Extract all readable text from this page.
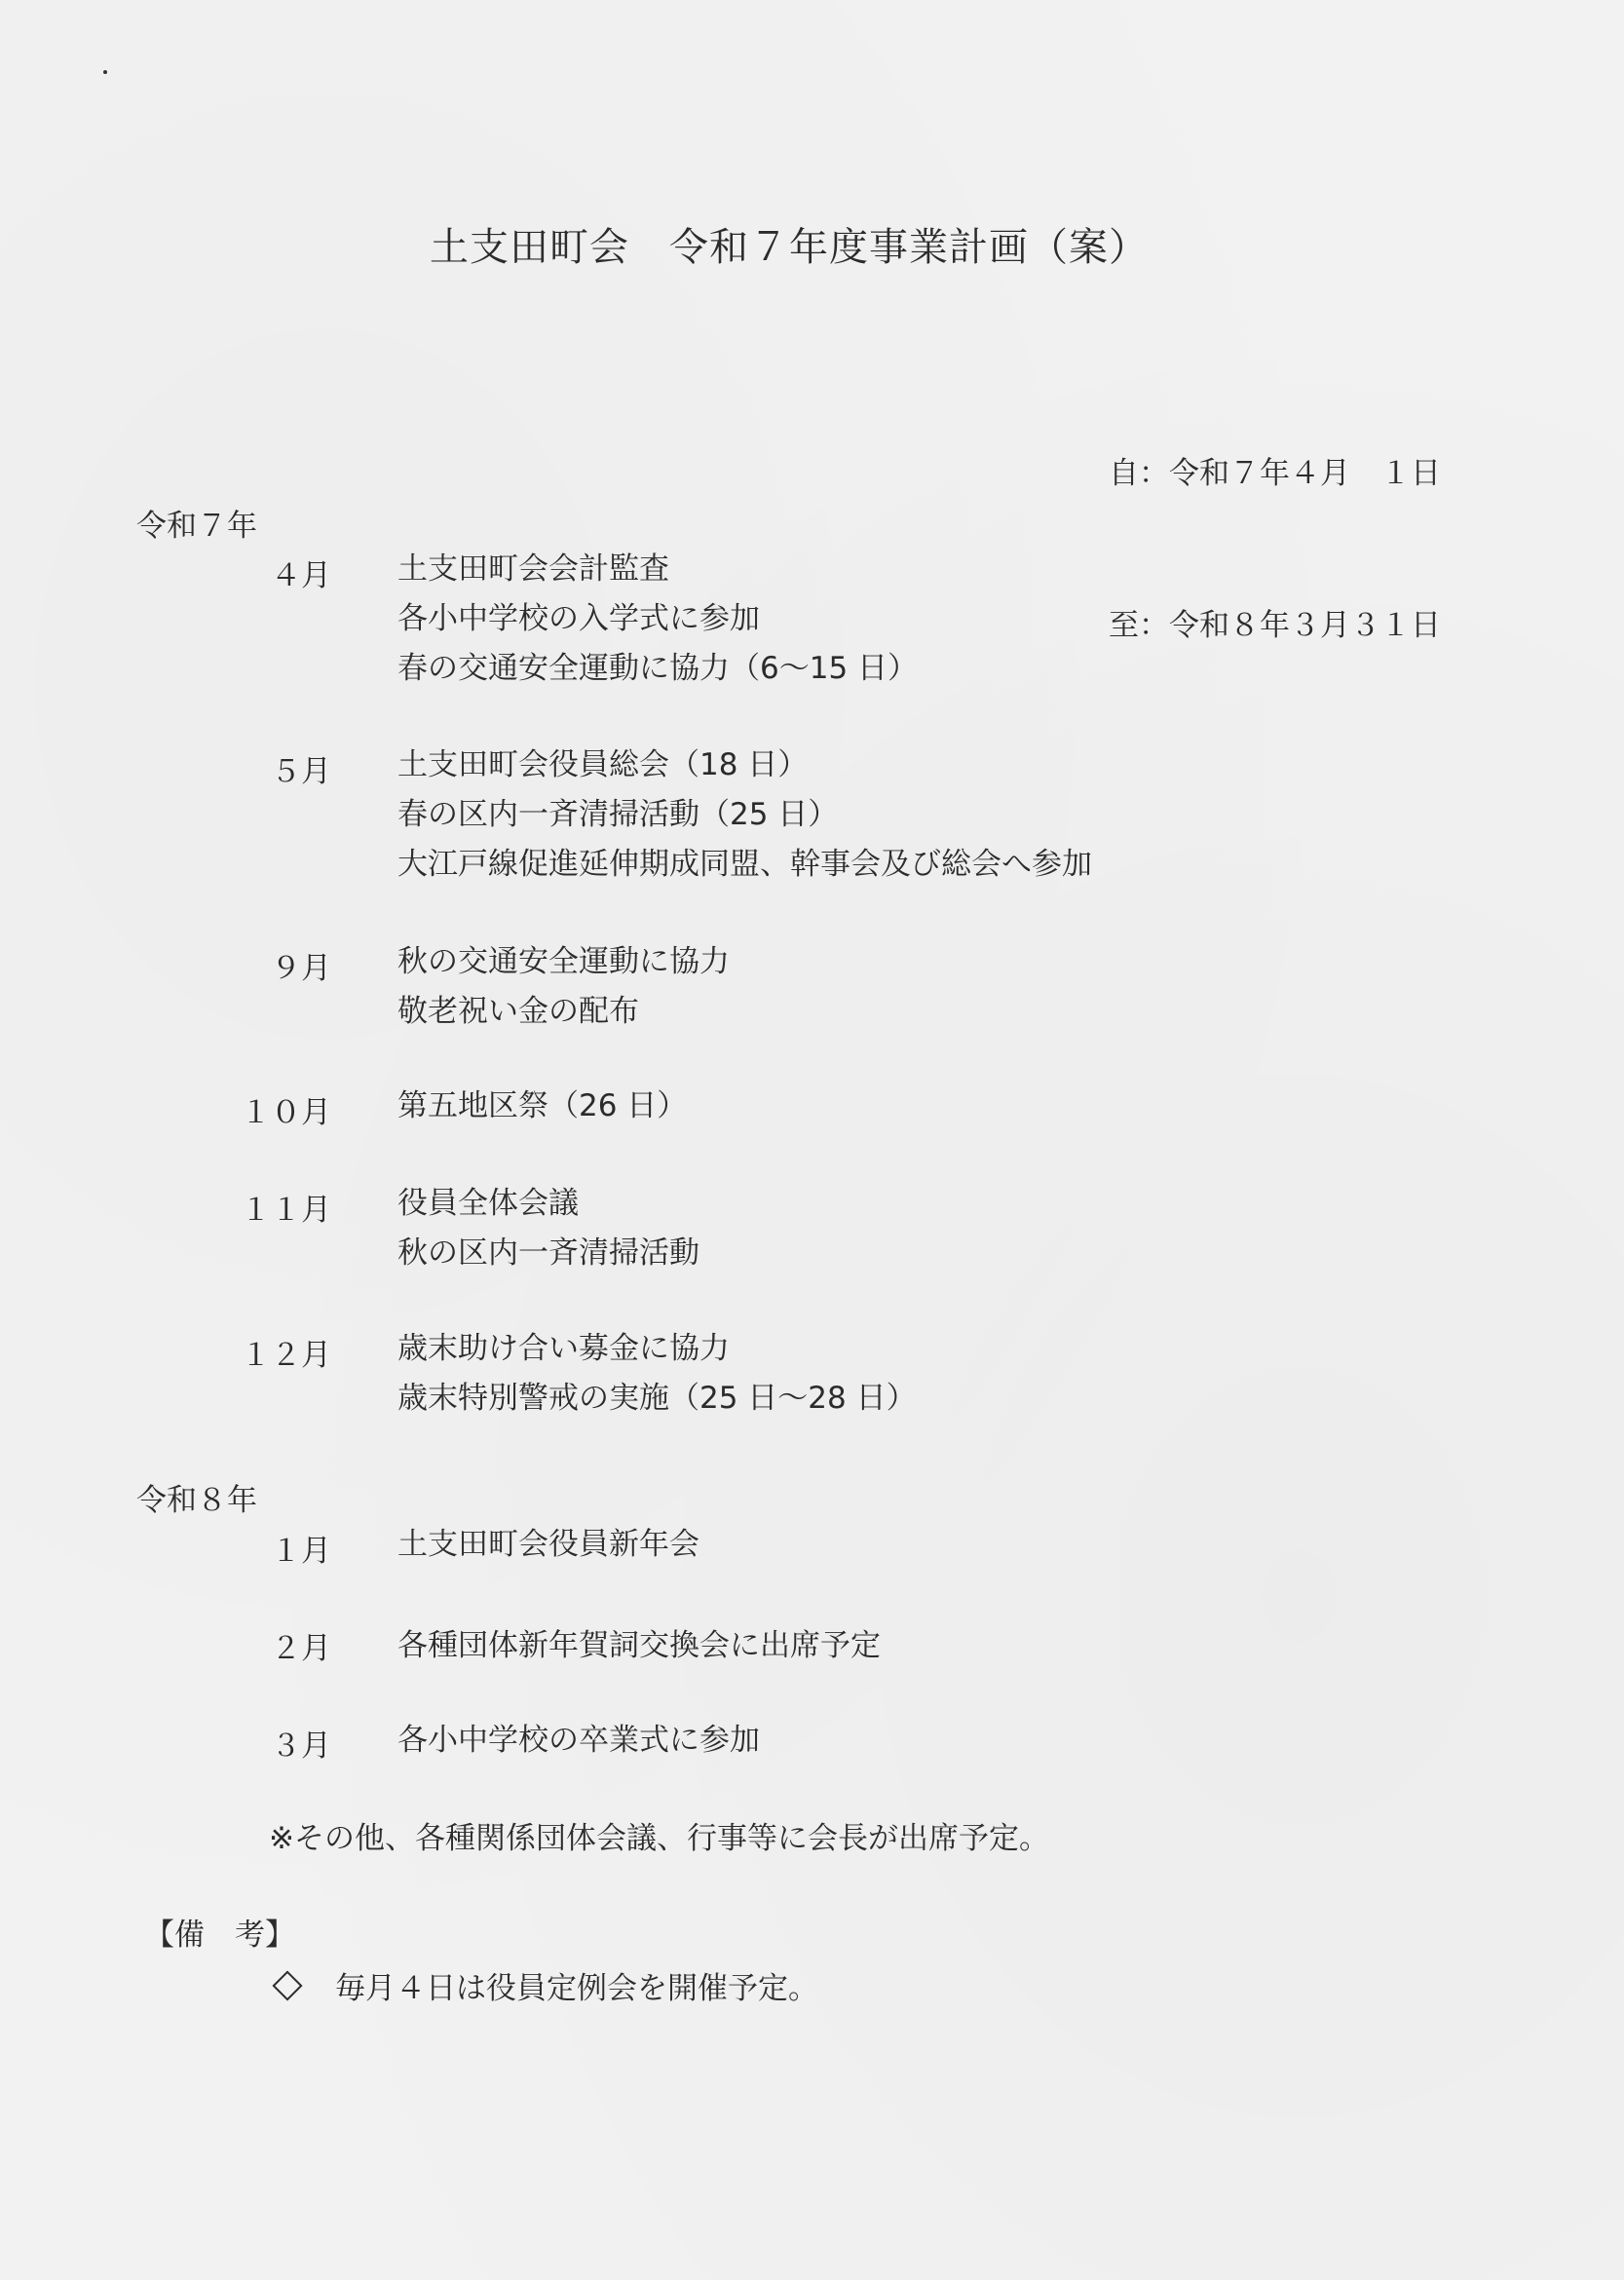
土支田町会　令和７年度事業計画（案）

自：令和７年４月　１日

至：令和８年３月３１日

令和７年
４月 土支田町会会計監査
各小中学校の入学式に参加
春の交通安全運動に協力（6～15 日）
５月 土支田町会役員総会（18 日）
春の区内一斉清掃活動（25 日）
大江戸線促進延伸期成同盟、幹事会及び総会へ参加
９月 秋の交通安全運動に協力
敬老祝い金の配布
１０月 第五地区祭（26 日）
１１月 役員全体会議
秋の区内一斉清掃活動
１２月 歳末助け合い募金に協力
歳末特別警戒の実施（25 日～28 日）
令和８年
１月 土支田町会役員新年会
２月 各種団体新年賀詞交換会に出席予定
３月 各小中学校の卒業式に参加
※その他、各種関係団体会議、行事等に会長が出席予定。
【備　考】
毎月４日は役員定例会を開催予定。
